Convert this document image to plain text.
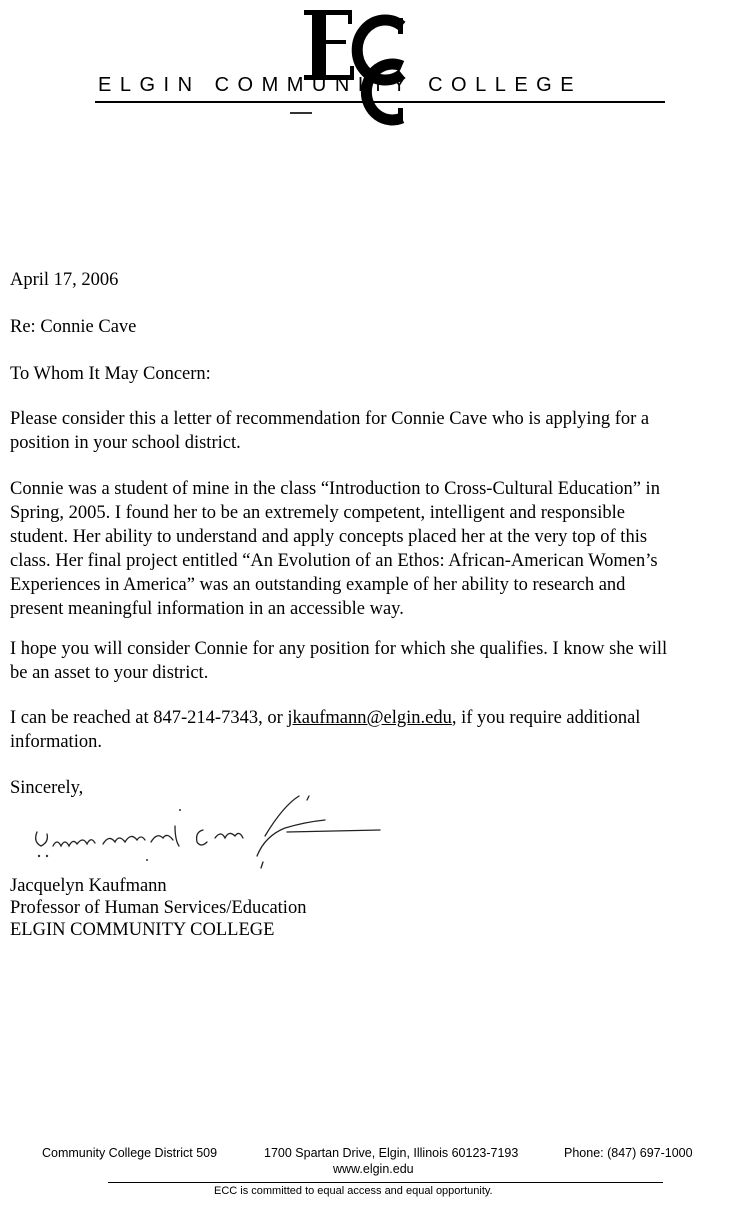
ELGIN COMMUNITY COLLEGE
April 17, 2006
Re: Connie Cave
To Whom It May Concern:
Please consider this a letter of recommendation for Connie Cave who is applying for a
position in your school district.
Connie was a student of mine in the class “Introduction to Cross-Cultural Education” in
Spring, 2005. I found her to be an extremely competent, intelligent and responsible
student. Her ability to understand and apply concepts placed her at the very top of this
class. Her final project entitled “An Evolution of an Ethos: African-American Women’s
Experiences in America” was an outstanding example of her ability to research and
present meaningful information in an accessible way.
I hope you will consider Connie for any position for which she qualifies. I know she will
be an asset to your district.
I can be reached at 847-214-7343, or jkaufmann@elgin.edu, if you require additional
information.
Sincerely,
Jacquelyn Kaufmann
Professor of Human Services/Education
ELGIN COMMUNITY COLLEGE
Community College District 509	1700 Spartan Drive, Elgin, Illinois 60123-7193	Phone: (847) 697-1000
www.elgin.edu
ECC is committed to equal access and equal opportunity.
